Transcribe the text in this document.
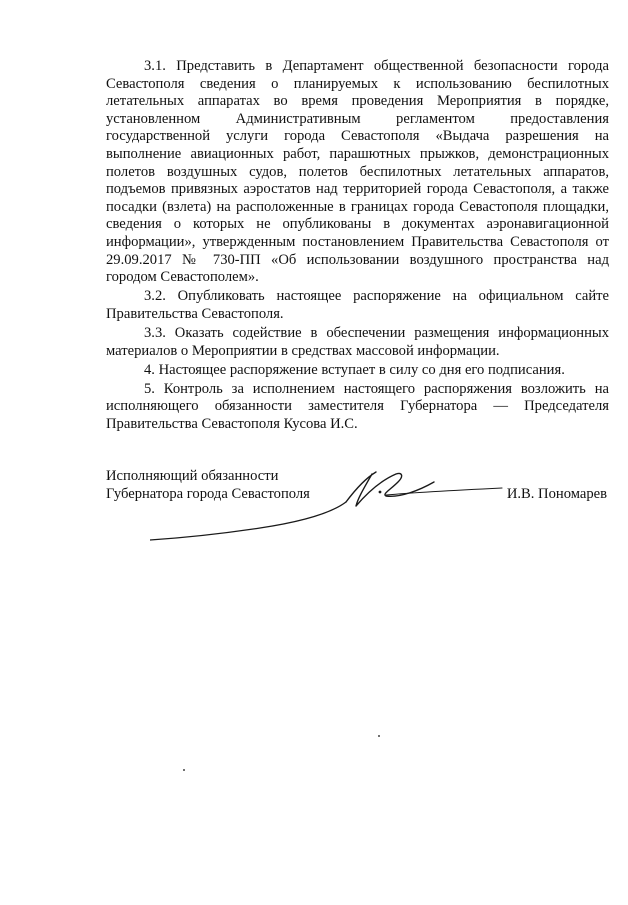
3.1. Представить в Департамент общественной безопасности города Севастополя сведения о планируемых к использованию беспилотных летательных аппаратах во время проведения Мероприятия в порядке, установленном Административным регламентом предоставления государственной услуги города Севастополя «Выдача разрешения на выполнение авиационных работ, парашютных прыжков, демонстрационных полетов воздушных судов, полетов беспилотных летательных аппаратов, подъемов привязных аэростатов над территорией города Севастополя, а также посадки (взлета) на расположенные в границах города Севастополя площадки, сведения о которых не опубликованы в документах аэронавигационной информации», утвержденным постановлением Правительства Севастополя от 29.09.2017 № 730-ПП «Об использовании воздушного пространства над городом Севастополем».

3.2. Опубликовать настоящее распоряжение на официальном сайте Правительства Севастополя.

3.3. Оказать содействие в обеспечении размещения информационных материалов о Мероприятии в средствах массовой информации.

4. Настоящее распоряжение вступает в силу со дня его подписания.

5. Контроль за исполнением настоящего распоряжения возложить на исполняющего обязанности заместителя Губернатора — Председателя Правительства Севастополя Кусова И.С.

Исполняющий обязанности

Губернатора города Севастополя	И.В. Пономарев
